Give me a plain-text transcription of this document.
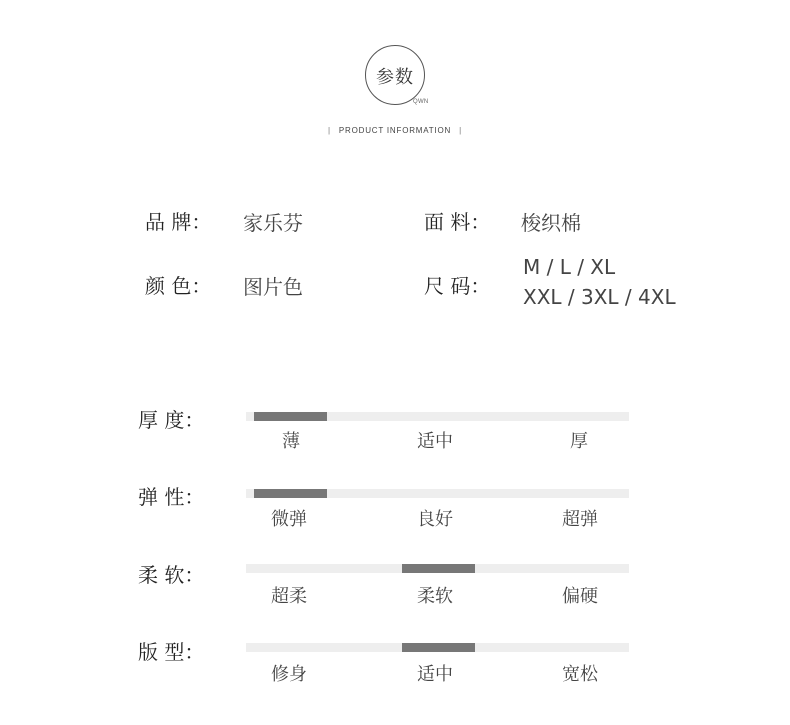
参数
QWN
| PRODUCT INFORMATION |
品 牌： 家乐芬	面 料： 梭织棉
颜 色： 图片色	尺 码：
M / L / XL
XXL / 3XL / 4XL
厚 度：
薄	适中	厚
弹 性：
微弹	良好	超弹
柔 软：
超柔	柔软	偏硬
版 型：
修身	适中	宽松
